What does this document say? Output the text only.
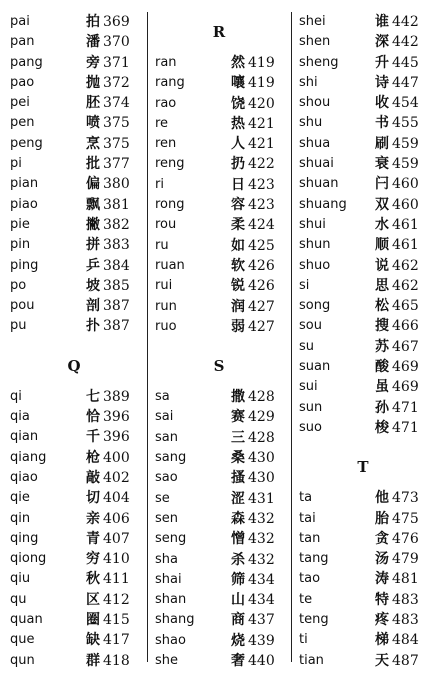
pai	拍 369
pan	潘 370
pang	旁 371
pao	抛 372
pei	胚 374
pen	喷 375
peng	烹 375
pi	批 377
pian	偏 380
piao	飘 381
pie	撇 382
pin	拼 383
ping	乒 384
po	坡 385
pou	剖 387
pu	扑 387
Q
qi	七 389
qia	恰 396
qian	千 396
qiang	枪 400
qiao	敲 402
qie	切 404
qin	亲 406
qing	青 407
qiong	穷 410
qiu	秋 411
qu	区 412
quan	圈 415
que	缺 417
qun	群 418
R
ran	然 419
rang	嚷 419
rao	饶 420
re	热 421
ren	人 421
reng	扔 422
ri	日 423
rong	容 423
rou	柔 424
ru	如 425
ruan	软 426
rui	锐 426
run	润 427
ruo	弱 427
S
sa	撒 428
sai	赛 429
san	三 428
sang	桑 430
sao	搔 430
se	涩 431
sen	森 432
seng	憎 432
sha	杀 432
shai	筛 434
shan	山 434
shang	商 437
shao	烧 439
she	奢 440
shei	谁 442
shen	深 442
sheng	升 445
shi	诗 447
shou	收 454
shu	书 455
shua	刷 459
shuai	衰 459
shuan	闩 460
shuang 双 460
shui	水 461
shun	顺 461
shuo	说 462
si	思 462
song	松 465
sou	搜 466
su	苏 467
suan	酸 469
sui	虽 469
sun	孙 471
suo	梭 471
T
ta	他 473
tai	胎 475
tan	贪 476
tang	汤 479
tao	涛 481
te	特 483
teng	疼 483
ti	梯 484
tian	天 487
